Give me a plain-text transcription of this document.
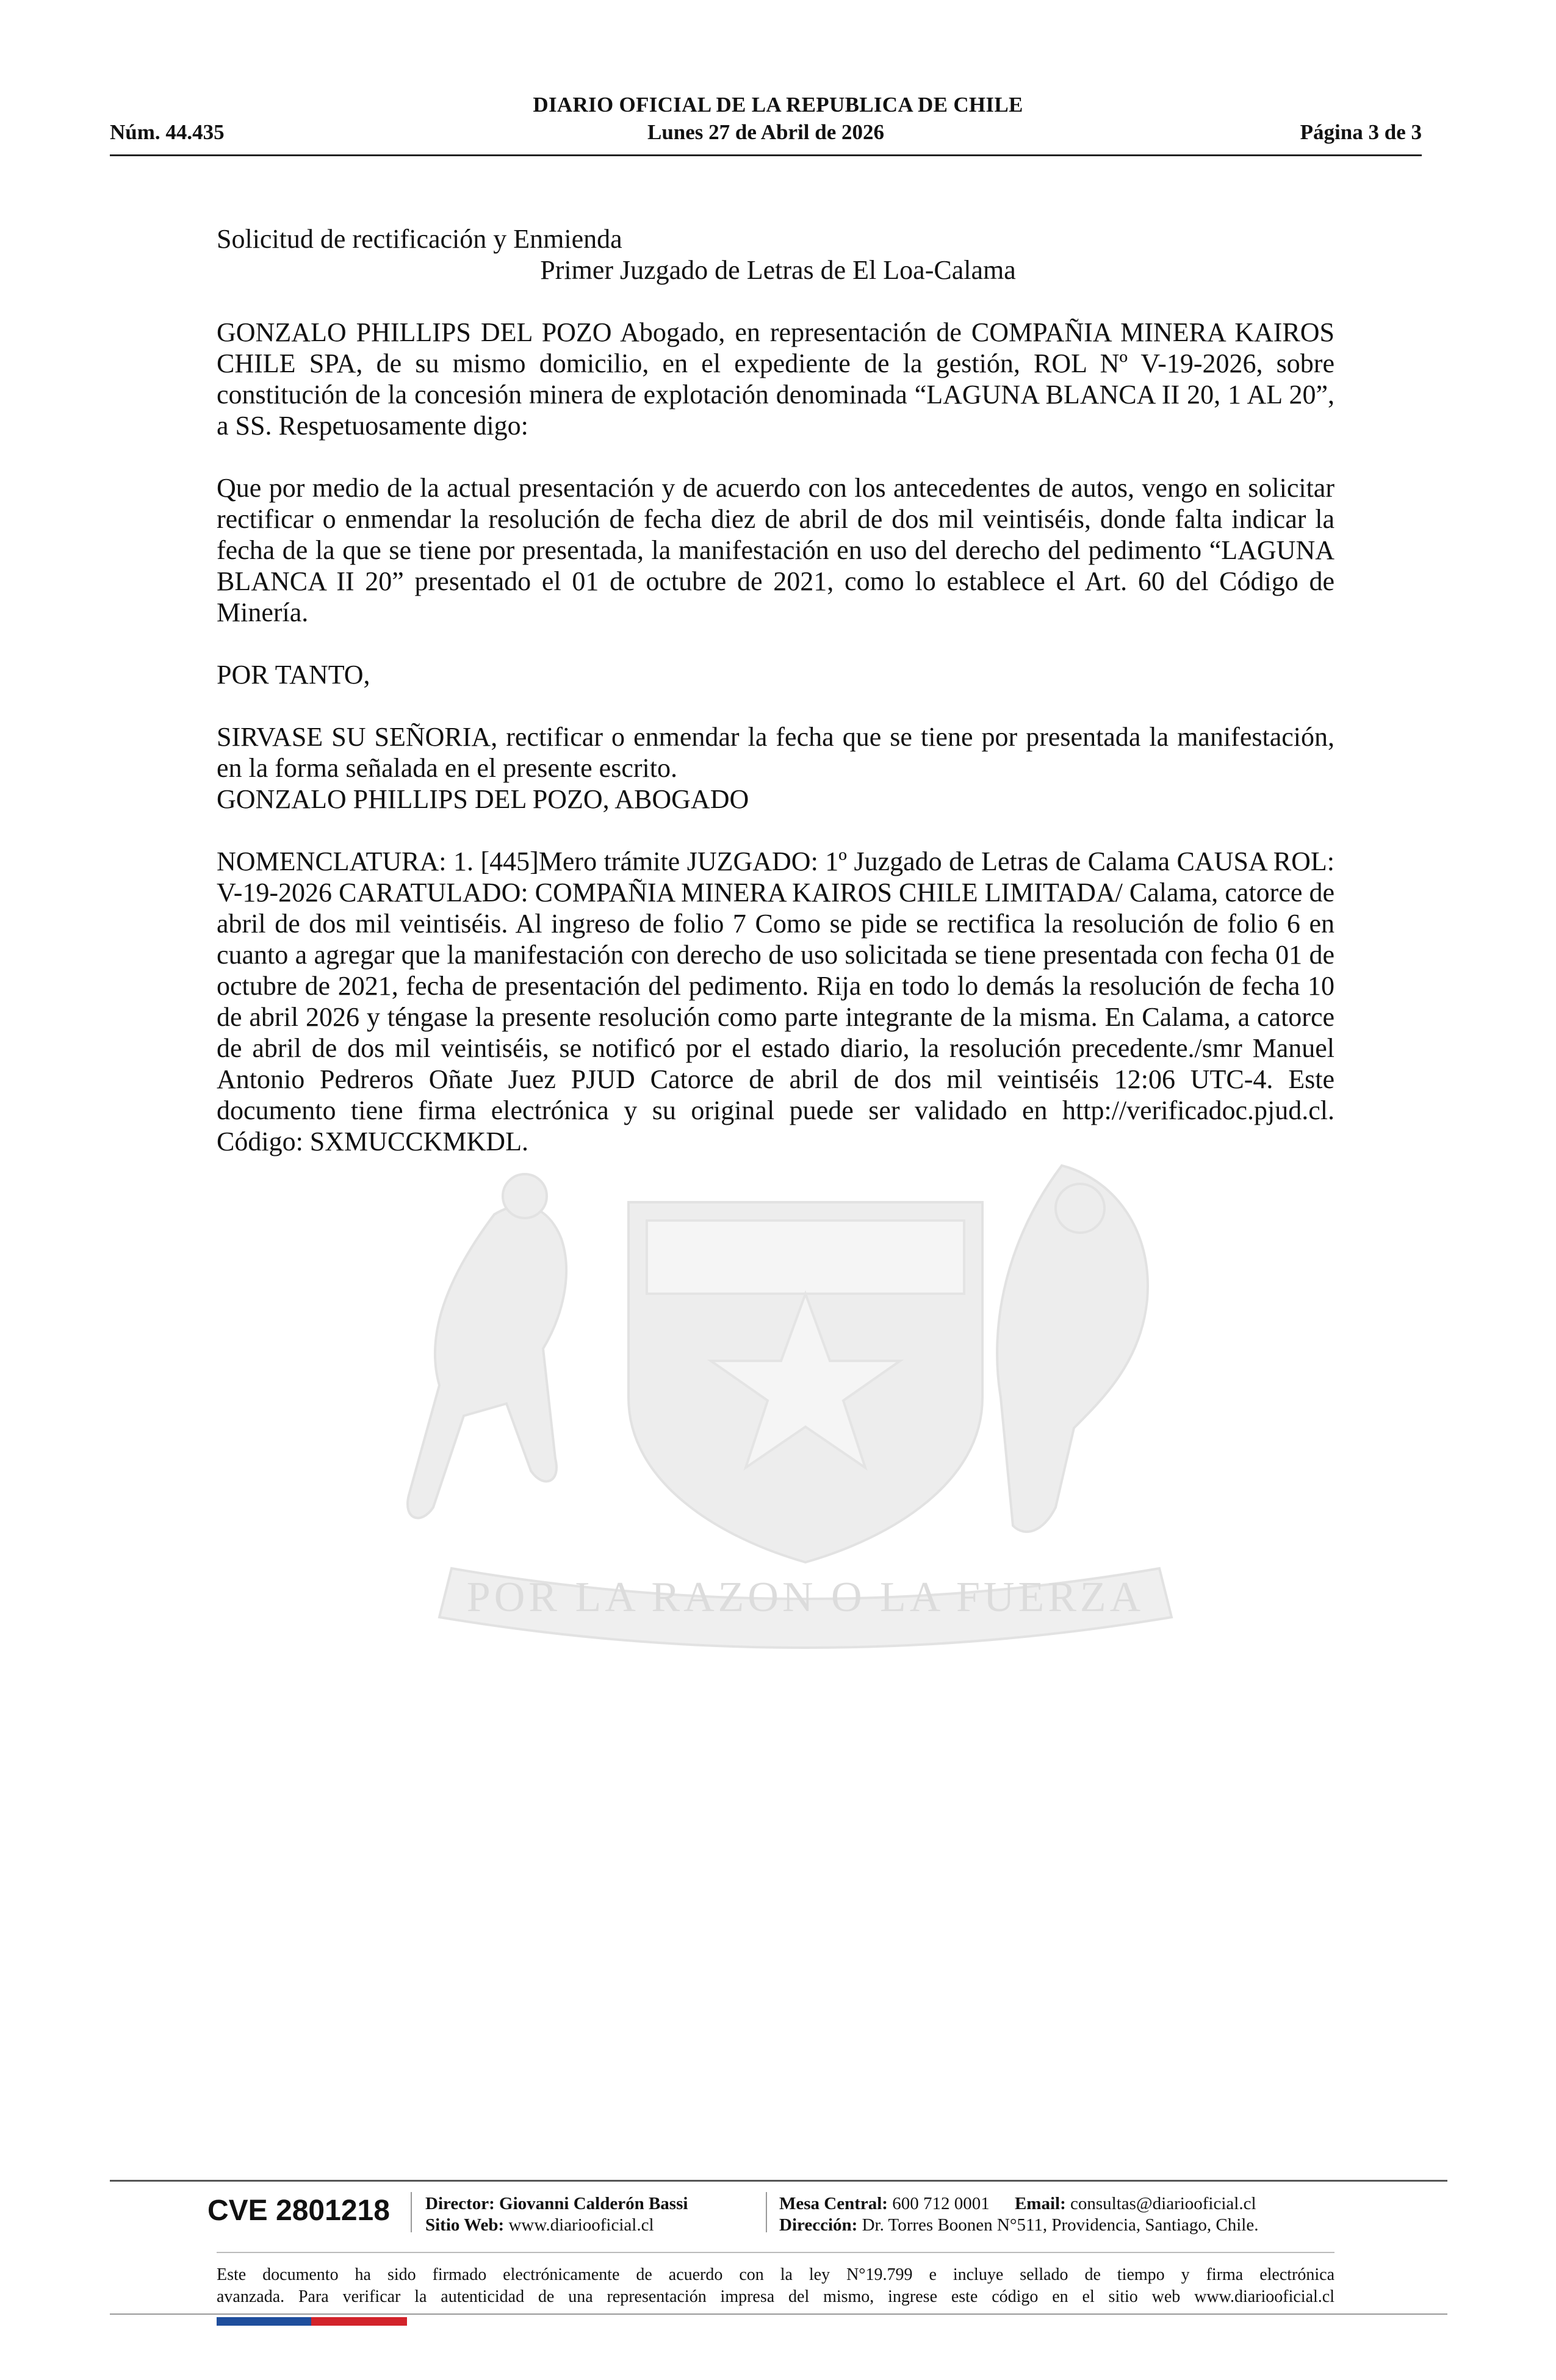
DIARIO OFICIAL DE LA REPUBLICA DE CHILE
Núm. 44.435	Lunes 27 de Abril de 2026	Página 3 de 3
POR LA RAZON O LA FUERZA

Solicitud de rectificación y Enmienda
Primer Juzgado de Letras de El Loa-Calama

GONZALO PHILLIPS DEL POZO Abogado, en representación de COMPAÑIA MINERA KAIROS CHILE SPA, de su mismo domicilio, en el expediente de la gestión, ROL Nº V-19-2026, sobre constitución de la concesión minera de explotación denominada “LAGUNA BLANCA II 20, 1 AL 20”, a SS. Respetuosamente digo:

Que por medio de la actual presentación y de acuerdo con los antecedentes de autos, vengo en solicitar rectificar o enmendar la resolución de fecha diez de abril de dos mil veintiséis, donde falta indicar la fecha de la que se tiene por presentada, la manifestación en uso del derecho del pedimento “LAGUNA BLANCA II 20” presentado el 01 de octubre de 2021, como lo establece el Art. 60 del Código de Minería.

POR TANTO,

SIRVASE SU SEÑORIA, rectificar o enmendar la fecha que se tiene por presentada la manifestación, en la forma señalada en el presente escrito.

GONZALO PHILLIPS DEL POZO, ABOGADO

NOMENCLATURA: 1. [445]Mero trámite JUZGADO: 1º Juzgado de Letras de Calama CAUSA ROL: V-19-2026 CARATULADO: COMPAÑIA MINERA KAIROS CHILE LIMITADA/ Calama, catorce de abril de dos mil veintiséis. Al ingreso de folio 7 Como se pide se rectifica la resolución de folio 6 en cuanto a agregar que la manifestación con derecho de uso solicitada se tiene presentada con fecha 01 de octubre de 2021, fecha de presentación del pedimento. Rija en todo lo demás la resolución de fecha 10 de abril 2026 y téngase la presente resolución como parte integrante de la misma. En Calama, a catorce de abril de dos mil veintiséis, se notificó por el estado diario, la resolución precedente./smr Manuel Antonio Pedreros Oñate Juez PJUD Catorce de abril de dos mil veintiséis 12:06 UTC-4. Este documento tiene firma electrónica y su original puede ser validado en http://verificadoc.pjud.cl. Código: SXMUCCKMKDL.

CVE 2801218 Director: Giovanni Calderón Bassi
Sitio Web: www.diariooficial.cl
Mesa Central: 600 712 0001 Email: consultas@diariooficial.cl
Dirección: Dr. Torres Boonen N°511, Providencia, Santiago, Chile.
Este documento ha sido firmado electrónicamente de acuerdo con la ley N°19.799 e incluye sellado de tiempo y firma electrónica
avanzada. Para verificar la autenticidad de una representación impresa del mismo, ingrese este código en el sitio web www.diariooficial.cl
